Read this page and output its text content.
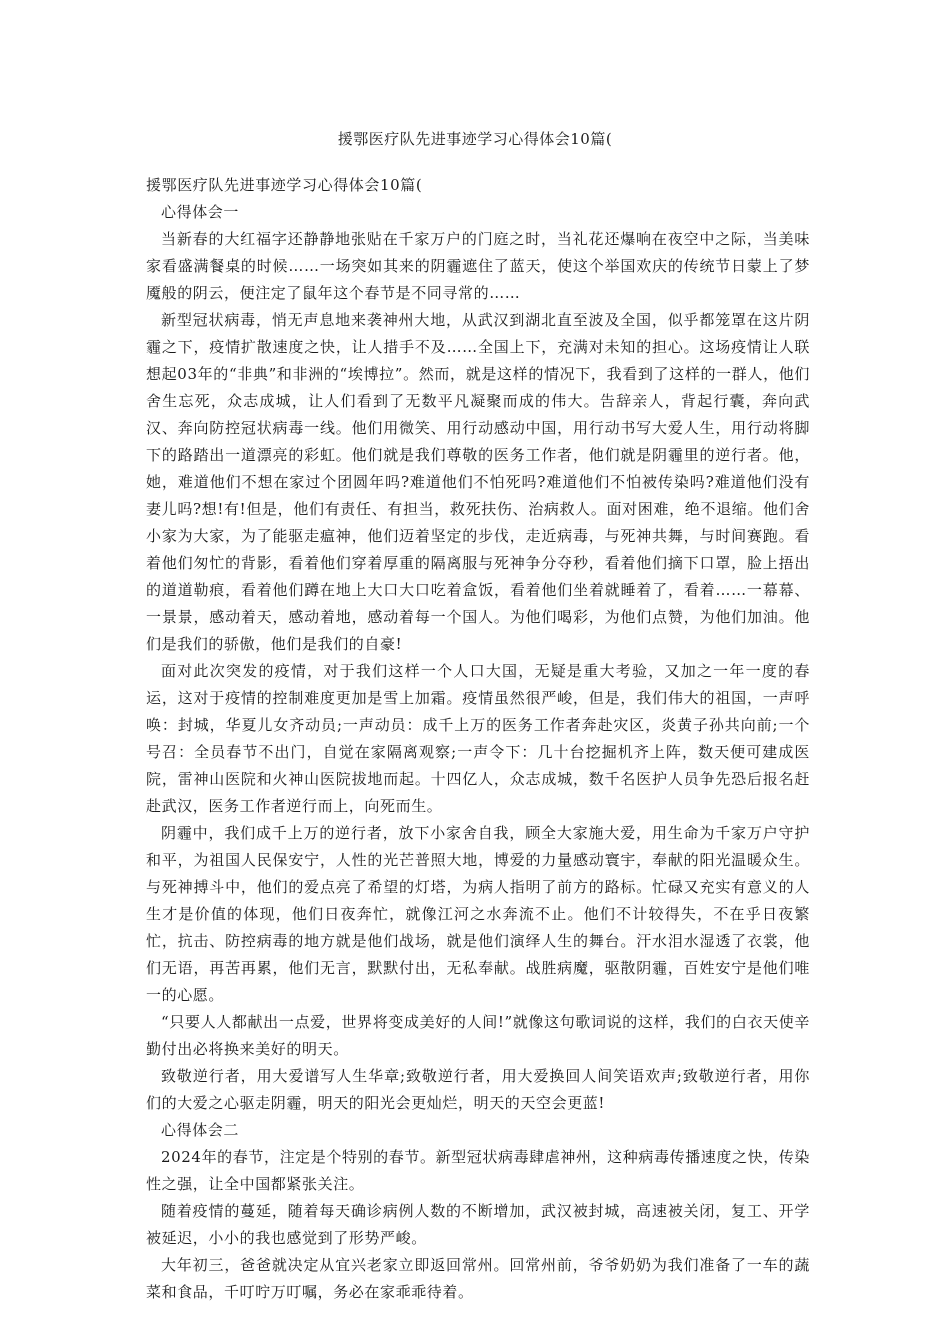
援鄂医疗队先进事迹学习心得体会10篇(

援鄂医疗队先进事迹学习心得体会10篇(

心得体会一

当新春的大红福字还静静地张贴在千家万户的门庭之时，当礼花还爆响在夜空中之际，当美味家看盛满餐桌的时候……一场突如其来的阴霾遮住了蓝天，使这个举国欢庆的传统节日蒙上了梦魇般的阴云，便注定了鼠年这个春节是不同寻常的……

新型冠状病毒，悄无声息地来袭神州大地，从武汉到湖北直至波及全国，似乎都笼罩在这片阴霾之下，疫情扩散速度之快，让人措手不及……全国上下，充满对未知的担心。这场疫情让人联想起03年的“非典”和非洲的“埃博拉”。然而，就是这样的情况下，我看到了这样的一群人，他们舍生忘死，众志成城，让人们看到了无数平凡凝聚而成的伟大。告辞亲人，背起行囊，奔向武汉、奔向防控冠状病毒一线。他们用微笑、用行动感动中国，用行动书写大爱人生，用行动将脚下的路踏出一道漂亮的彩虹。他们就是我们尊敬的医务工作者，他们就是阴霾里的逆行者。他，她，难道他们不想在家过个团圆年吗?难道他们不怕死吗?难道他们不怕被传染吗?难道他们没有妻儿吗?想!有!但是，他们有责任、有担当，救死扶伤、治病救人。面对困难，绝不退缩。他们舍小家为大家，为了能驱走瘟神，他们迈着坚定的步伐，走近病毒，与死神共舞，与时间赛跑。看着他们匆忙的背影，看着他们穿着厚重的隔离服与死神争分夺秒，看着他们摘下口罩，脸上捂出的道道勒痕，看着他们蹲在地上大口大口吃着盒饭，看着他们坐着就睡着了，看着……一幕幕、一景景，感动着天，感动着地，感动着每一个国人。为他们喝彩，为他们点赞，为他们加油。他们是我们的骄傲，他们是我们的自豪!

面对此次突发的疫情，对于我们这样一个人口大国，无疑是重大考验，又加之一年一度的春运，这对于疫情的控制难度更加是雪上加霜。疫情虽然很严峻，但是，我们伟大的祖国，一声呼唤：封城，华夏儿女齐动员;一声动员：成千上万的医务工作者奔赴灾区，炎黄子孙共向前;一个号召：全员春节不出门，自觉在家隔离观察;一声令下：几十台挖掘机齐上阵，数天便可建成医院，雷神山医院和火神山医院拔地而起。十四亿人，众志成城，数千名医护人员争先恐后报名赶赴武汉，医务工作者逆行而上，向死而生。

阴霾中，我们成千上万的逆行者，放下小家舍自我，顾全大家施大爱，用生命为千家万户守护和平，为祖国人民保安宁，人性的光芒普照大地，博爱的力量感动寰宇，奉献的阳光温暖众生。与死神搏斗中，他们的爱点亮了希望的灯塔，为病人指明了前方的路标。忙碌又充实有意义的人生才是价值的体现，他们日夜奔忙，就像江河之水奔流不止。他们不计较得失，不在乎日夜繁忙，抗击、防控病毒的地方就是他们战场，就是他们演绎人生的舞台。汗水泪水湿透了衣裳，他们无语，再苦再累，他们无言，默默付出，无私奉献。战胜病魔，驱散阴霾，百姓安宁是他们唯一的心愿。

“只要人人都献出一点爱，世界将变成美好的人间!”就像这句歌词说的这样，我们的白衣天使辛勤付出必将换来美好的明天。

致敬逆行者，用大爱谱写人生华章;致敬逆行者，用大爱换回人间笑语欢声;致敬逆行者，用你们的大爱之心驱走阴霾，明天的阳光会更灿烂，明天的天空会更蓝!

心得体会二

2024年的春节，注定是个特别的春节。新型冠状病毒肆虐神州，这种病毒传播速度之快，传染性之强，让全中国都紧张关注。

随着疫情的蔓延，随着每天确诊病例人数的不断增加，武汉被封城，高速被关闭，复工、开学被延迟，小小的我也感觉到了形势严峻。

大年初三，爸爸就决定从宜兴老家立即返回常州。回常州前，爷爷奶奶为我们准备了一车的蔬菜和食品，千叮咛万叮嘱，务必在家乖乖待着。
